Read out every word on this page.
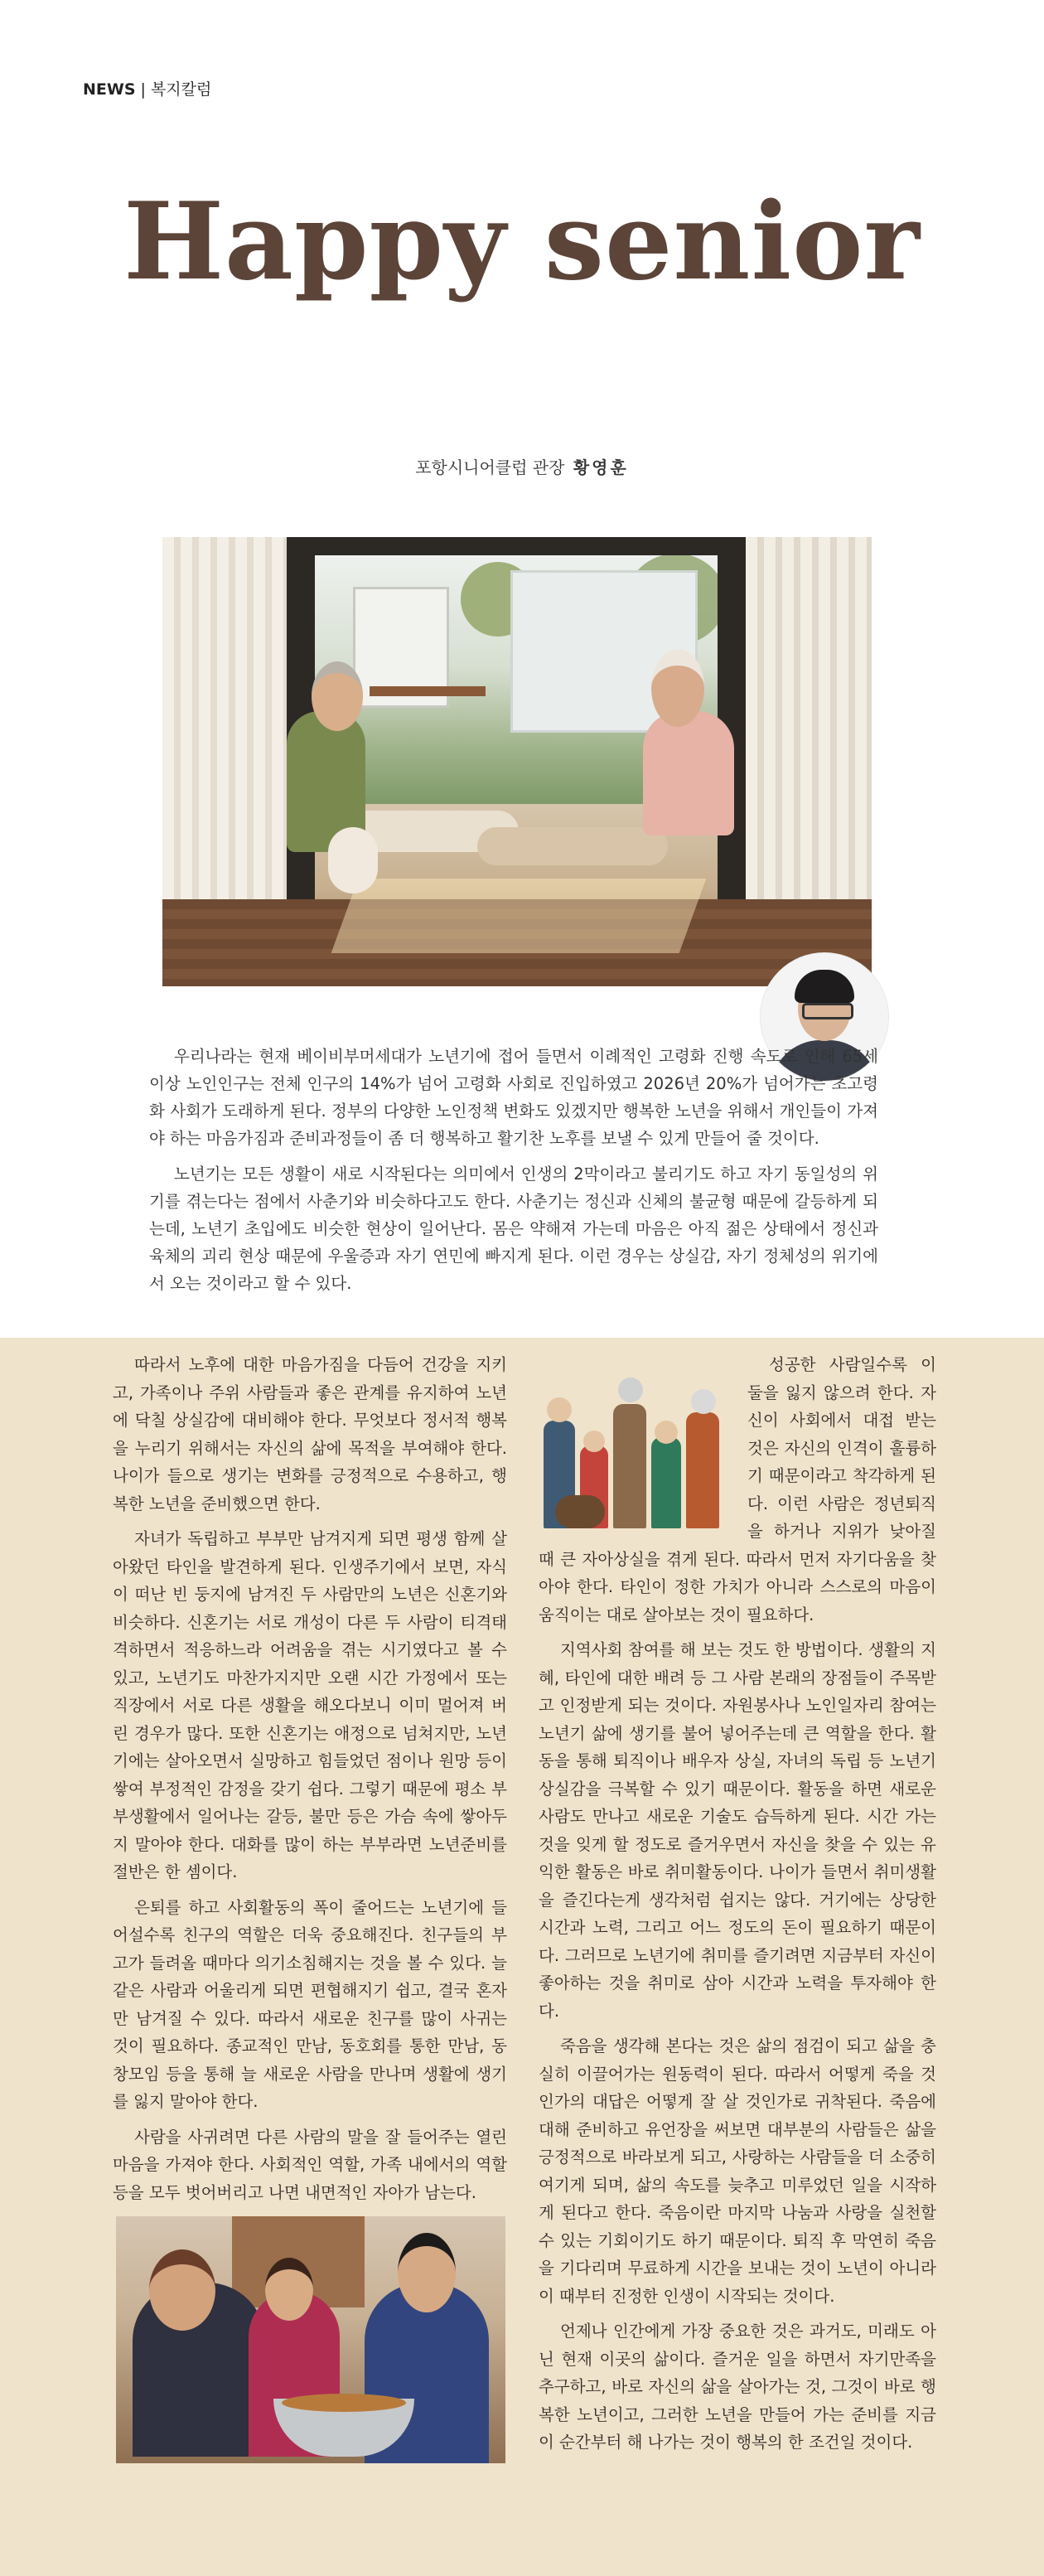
NEWS | 복지칼럼
Happy senior
포항시니어클럽 관장 황영훈

우리나라는 현재 베이비부머세대가 노년기에 접어 들면서 이례적인 고령화 진행 속도로 인해 65세 이상 노인인구는 전체 인구의 14%가 넘어 고령화 사회로 진입하였고 2026년 20%가 넘어가는 초고령화 사회가 도래하게 된다. 정부의 다양한 노인정책 변화도 있겠지만 행복한 노년을 위해서 개인들이 가져야 하는 마음가짐과 준비과정들이 좀 더 행복하고 활기찬 노후를 보낼 수 있게 만들어 줄 것이다.

노년기는 모든 생활이 새로 시작된다는 의미에서 인생의 2막이라고 불리기도 하고 자기 동일성의 위기를 겪는다는 점에서 사춘기와 비슷하다고도 한다. 사춘기는 정신과 신체의 불균형 때문에 갈등하게 되는데, 노년기 초입에도 비슷한 현상이 일어난다. 몸은 약해져 가는데 마음은 아직 젊은 상태에서 정신과 육체의 괴리 현상 때문에 우울증과 자기 연민에 빠지게 된다. 이런 경우는 상실감, 자기 정체성의 위기에서 오는 것이라고 할 수 있다.

따라서 노후에 대한 마음가짐을 다듬어 건강을 지키고, 가족이나 주위 사람들과 좋은 관계를 유지하여 노년에 닥칠 상실감에 대비해야 한다. 무엇보다 정서적 행복을 누리기 위해서는 자신의 삶에 목적을 부여해야 한다. 나이가 들으로 생기는 변화를 긍정적으로 수용하고, 행복한 노년을 준비했으면 한다.

자녀가 독립하고 부부만 남겨지게 되면 평생 함께 살아왔던 타인을 발견하게 된다. 인생주기에서 보면, 자식이 떠난 빈 둥지에 남겨진 두 사람만의 노년은 신혼기와 비슷하다. 신혼기는 서로 개성이 다른 두 사람이 티격태격하면서 적응하느라 어려움을 겪는 시기였다고 볼 수 있고, 노년기도 마찬가지지만 오랜 시간 가정에서 또는 직장에서 서로 다른 생활을 해오다보니 이미 멀어져 버린 경우가 많다. 또한 신혼기는 애정으로 넘쳐지만, 노년기에는 살아오면서 실망하고 힘들었던 점이나 원망 등이 쌓여 부정적인 감정을 갖기 쉽다. 그렇기 때문에 평소 부부생활에서 일어나는 갈등, 불만 등은 가슴 속에 쌓아두지 말아야 한다. 대화를 많이 하는 부부라면 노년준비를 절반은 한 셈이다.

은퇴를 하고 사회활동의 폭이 줄어드는 노년기에 들어설수록 친구의 역할은 더욱 중요해진다. 친구들의 부고가 들려올 때마다 의기소침해지는 것을 볼 수 있다. 늘 같은 사람과 어울리게 되면 편협해지기 쉽고, 결국 혼자만 남겨질 수 있다. 따라서 새로운 친구를 많이 사귀는 것이 필요하다. 종교적인 만남, 동호회를 통한 만남, 동창모임 등을 통해 늘 새로운 사람을 만나며 생활에 생기를 잃지 말아야 한다.

사람을 사귀려면 다른 사람의 말을 잘 들어주는 열린 마음을 가져야 한다. 사회적인 역할, 가족 내에서의 역할 등을 모두 벗어버리고 나면 내면적인 자아가 남는다.

성공한 사람일수록 이 둘을 잃지 않으려 한다. 자신이 사회에서 대접 받는 것은 자신의 인격이 훌륭하기 때문이라고 착각하게 된다. 이런 사람은 정년퇴직을 하거나 지위가 낮아질 때 큰 자아상실을 겪게 된다. 따라서 먼저 자기다움을 찾아야 한다. 타인이 정한 가치가 아니라 스스로의 마음이 움직이는 대로 살아보는 것이 필요하다.

지역사회 참여를 해 보는 것도 한 방법이다. 생활의 지혜, 타인에 대한 배려 등 그 사람 본래의 장점들이 주목받고 인정받게 되는 것이다. 자원봉사나 노인일자리 참여는 노년기 삶에 생기를 불어 넣어주는데 큰 역할을 한다. 활동을 통해 퇴직이나 배우자 상실, 자녀의 독립 등 노년기 상실감을 극복할 수 있기 때문이다. 활동을 하면 새로운 사람도 만나고 새로운 기술도 습득하게 된다. 시간 가는 것을 잊게 할 정도로 즐거우면서 자신을 찾을 수 있는 유익한 활동은 바로 취미활동이다. 나이가 들면서 취미생활을 즐긴다는게 생각처럼 쉽지는 않다. 거기에는 상당한 시간과 노력, 그리고 어느 정도의 돈이 필요하기 때문이다. 그러므로 노년기에 취미를 즐기려면 지금부터 자신이 좋아하는 것을 취미로 삼아 시간과 노력을 투자해야 한다.

죽음을 생각해 본다는 것은 삶의 점검이 되고 삶을 충실히 이끌어가는 원동력이 된다. 따라서 어떻게 죽을 것인가의 대답은 어떻게 잘 살 것인가로 귀착된다. 죽음에 대해 준비하고 유언장을 써보면 대부분의 사람들은 삶을 긍정적으로 바라보게 되고, 사랑하는 사람들을 더 소중히 여기게 되며, 삶의 속도를 늦추고 미루었던 일을 시작하게 된다고 한다. 죽음이란 마지막 나눔과 사랑을 실천할 수 있는 기회이기도 하기 때문이다. 퇴직 후 막연히 죽음을 기다리며 무료하게 시간을 보내는 것이 노년이 아니라 이 때부터 진정한 인생이 시작되는 것이다.

언제나 인간에게 가장 중요한 것은 과거도, 미래도 아닌 현재 이곳의 삶이다. 즐거운 일을 하면서 자기만족을 추구하고, 바로 자신의 삶을 살아가는 것, 그것이 바로 행복한 노년이고, 그러한 노년을 만들어 가는 준비를 지금 이 순간부터 해 나가는 것이 행복의 한 조건일 것이다.
